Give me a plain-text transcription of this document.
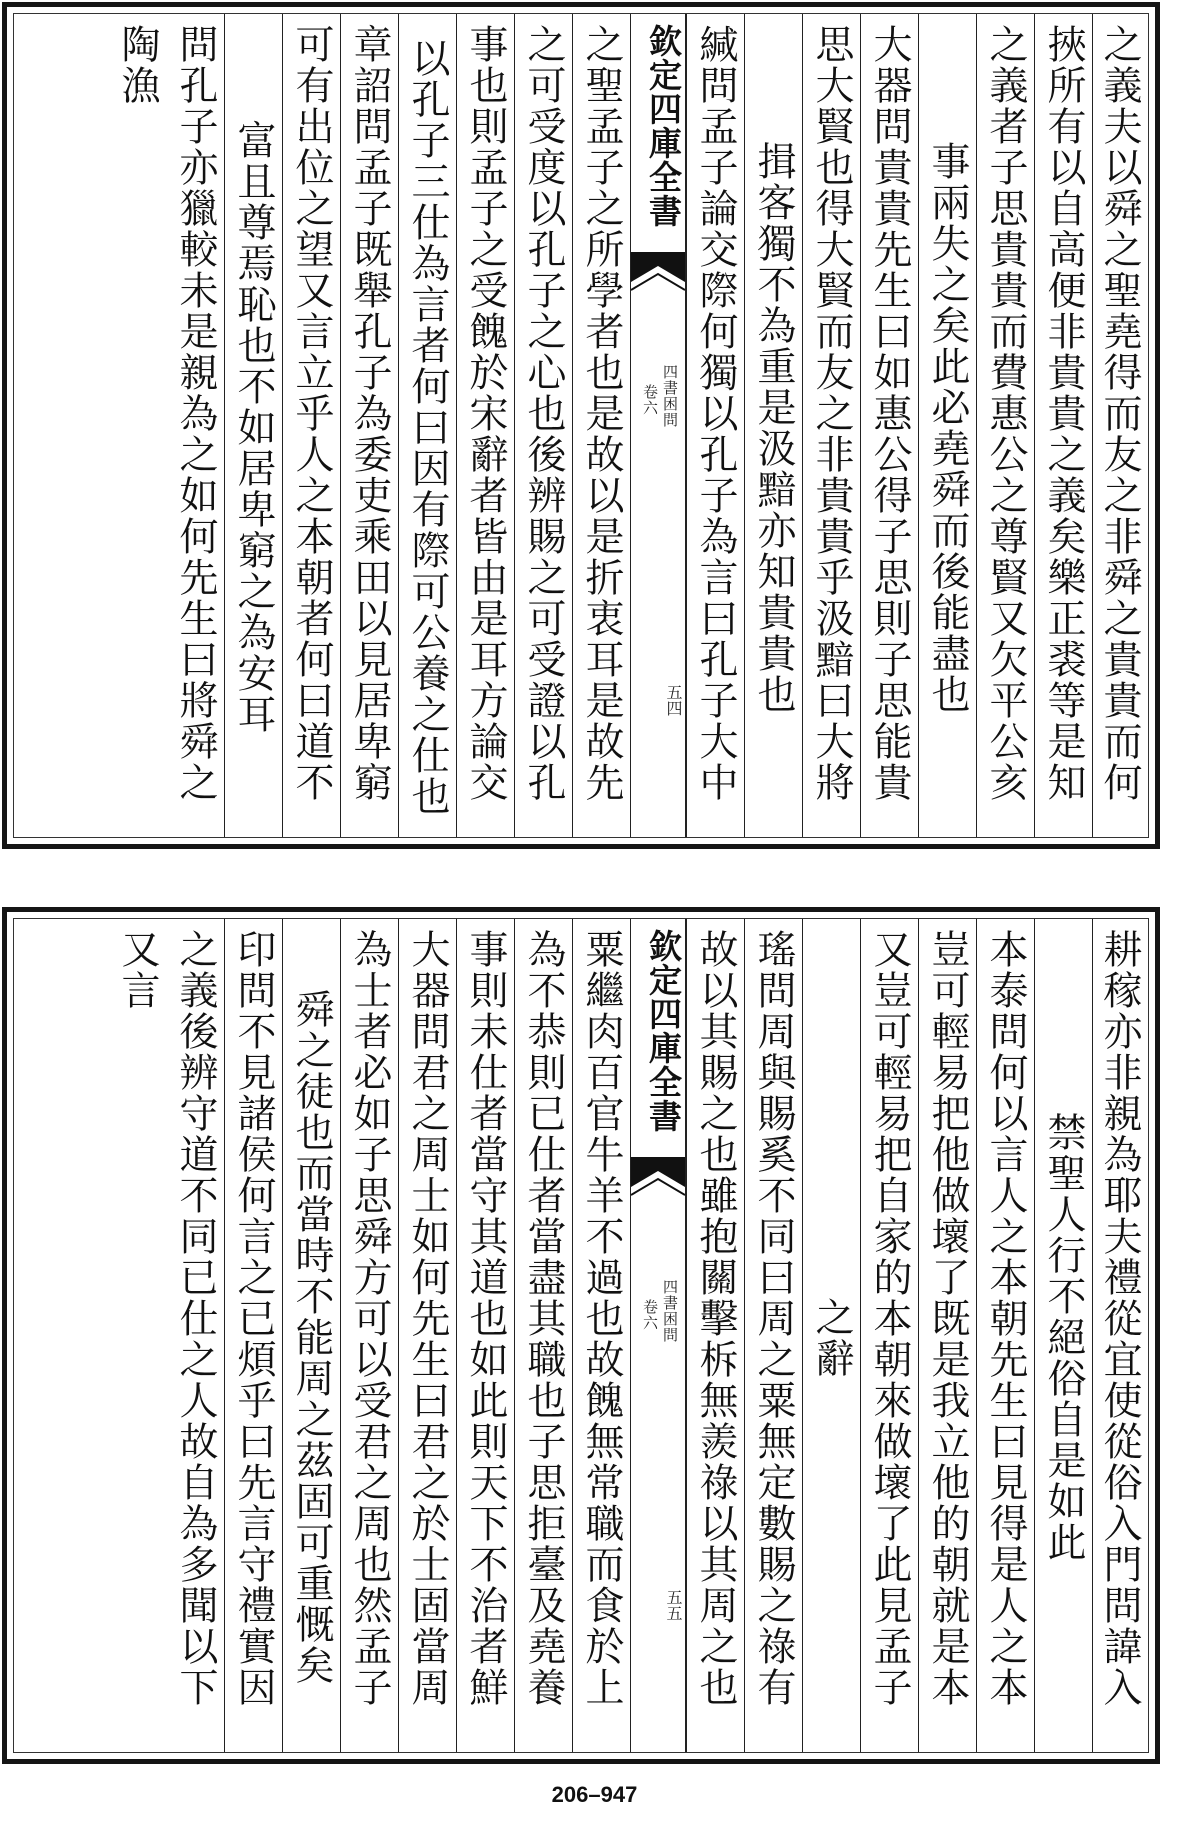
之義夫以舜之聖堯得而友之非舜之貴貴而何
挾所有以自高便非貴貴之義矣樂正裘等是知
之義者子思貴貴而費惠公之尊賢又欠平公亥
事兩失之矣此必堯舜而後能盡也
大器問貴貴先生曰如惠公得子思則子思能貴
思大賢也得大賢而友之非貴貴乎汲黯曰大將
揖客獨不為重是汲黯亦知貴貴也
緘問孟子論交際何獨以孔子為言曰孔子大中
欽定四庫全書
四書困問
卷六
五四
之聖孟子之所學者也是故以是折衷耳是故先
之可受度以孔子之心也後辨賜之可受證以孔
事也則孟子之受餽於宋辭者皆由是耳方論交
以孔子三仕為言者何曰因有際可公養之仕也
章詔問孟子既舉孔子為委吏乘田以見居卑窮
可有出位之望又言立乎人之本朝者何曰道不
富且尊焉恥也不如居卑窮之為安耳
問孔子亦獵較未是親為之如何先生曰將舜之陶漁
耕稼亦非親為耶夫禮從宜使從俗入門問諱入
禁聖人行不絕俗自是如此
本泰問何以言人之本朝先生曰見得是人之本
豈可輕易把他做壞了既是我立他的朝就是本
又豈可輕易把自家的本朝來做壞了此見孟子
之辭
瑤問周與賜奚不同曰周之粟無定數賜之祿有
故以其賜之也雖抱關擊柝無羨祿以其周之也
欽定四庫全書
四書困問
卷六
五五
粟繼肉百官牛羊不過也故餽無常職而食於上
為不恭則已仕者當盡其職也子思拒臺及堯養
事則未仕者當守其道也如此則天下不治者鮮
大器問君之周士如何先生曰君之於士固當周
為士者必如子思舜方可以受君之周也然孟子
舜之徒也而當時不能周之茲固可重慨矣
印問不見諸侯何言之已煩乎曰先言守禮實因
之義後辨守道不同已仕之人故自為多聞以下又言
206–947
